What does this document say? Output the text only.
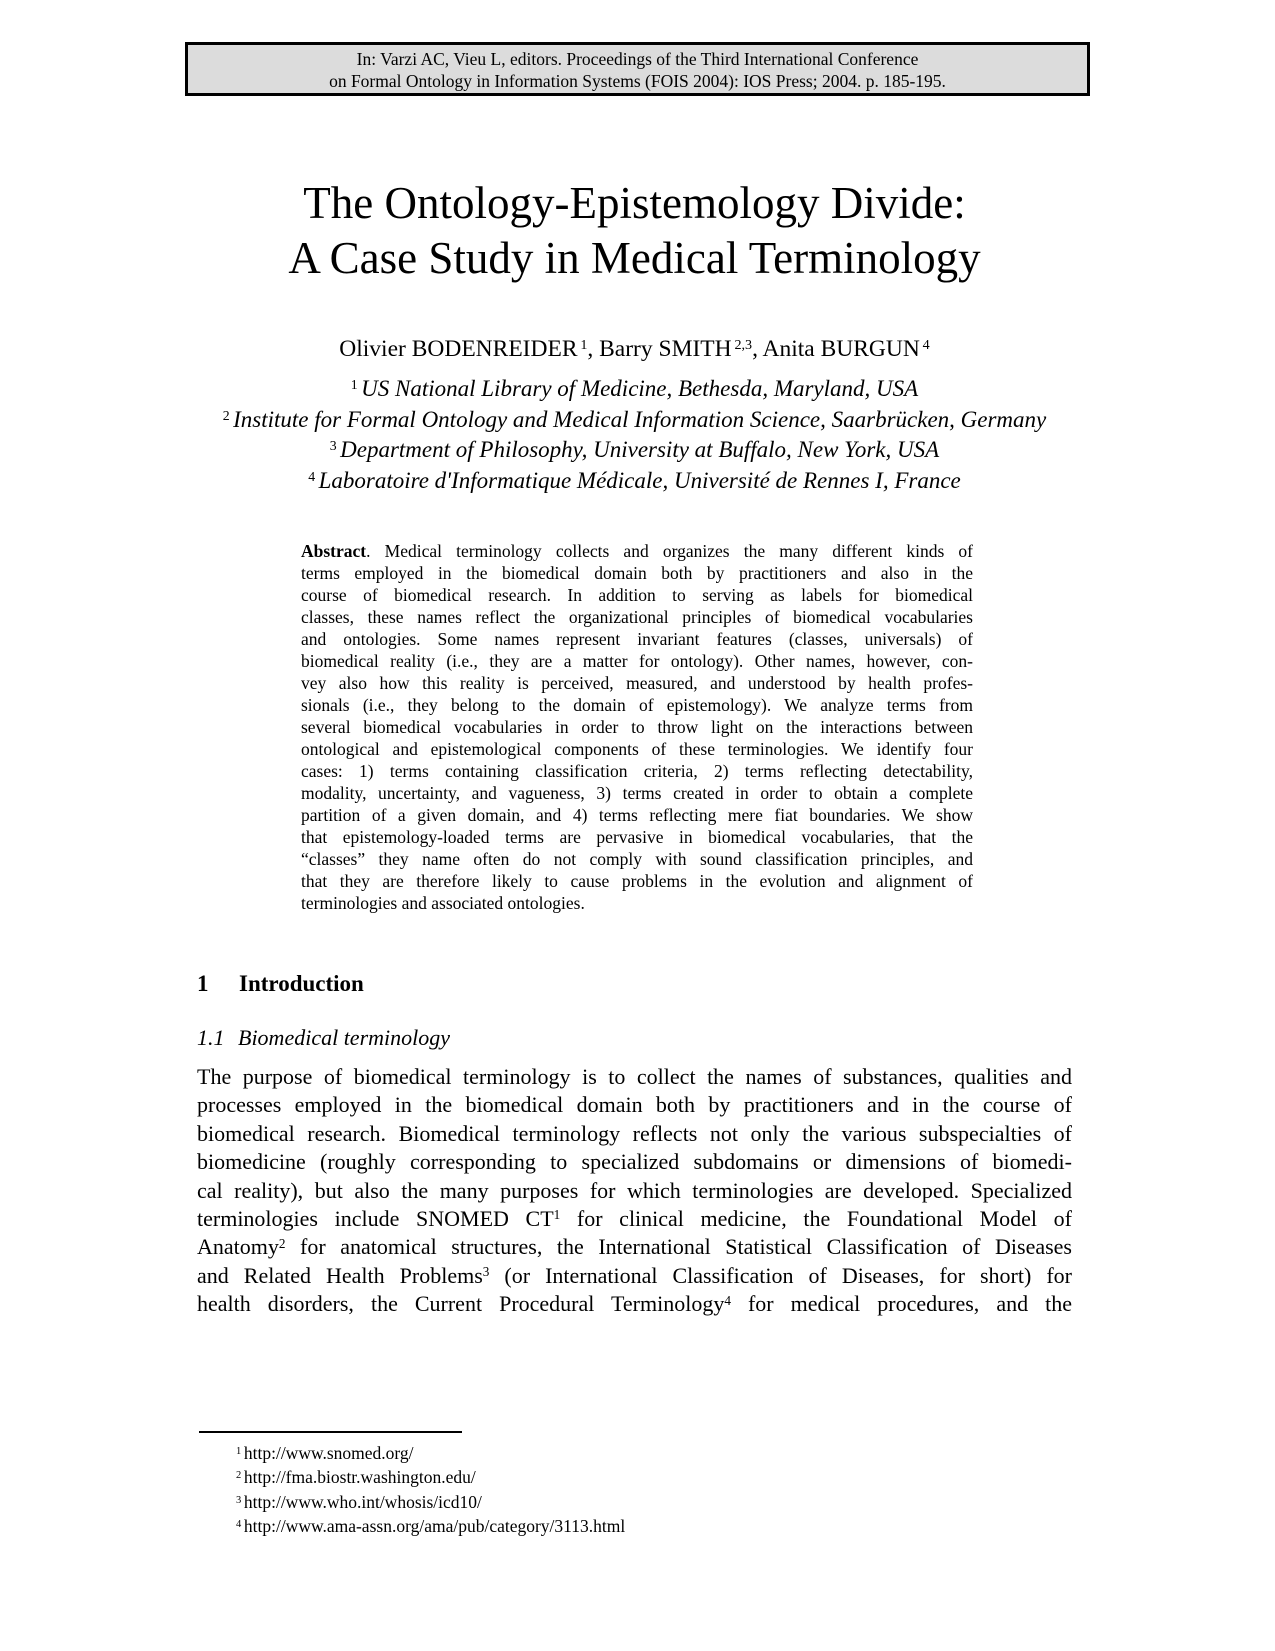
In: Varzi AC, Vieu L, editors. Proceedings of the Third International Conference
on Formal Ontology in Information Systems (FOIS 2004): IOS Press; 2004. p. 185-195.
The Ontology-Epistemology Divide:
A Case Study in Medical Terminology
Olivier BODENREIDER $^1$, Barry SMITH $^{2,3}$, Anita BURGUN $^4$
$^1$ US National Library of Medicine, Bethesda, Maryland, USA
$^2$ Institute for Formal Ontology and Medical Information Science, Saarbrücken, Germany
$^3$ Department of Philosophy, University at Buffalo, New York, USA
$^4$ Laboratoire d'Informatique Médicale, Université de Rennes I, France
Abstract. Medical terminology collects and organizes the many different kinds of
terms employed in the biomedical domain both by practitioners and also in the
course of biomedical research. In addition to serving as labels for biomedical
classes, these names reflect the organizational principles of biomedical vocabularies
and ontologies. Some names represent invariant features (classes, universals) of
biomedical reality (i.e., they are a matter for ontology). Other names, however, con-
vey also how this reality is perceived, measured, and understood by health profes-
sionals (i.e., they belong to the domain of epistemology). We analyze terms from
several biomedical vocabularies in order to throw light on the interactions between
ontological and epistemological components of these terminologies. We identify four
cases: 1) terms containing classification criteria, 2) terms reflecting detectability,
modality, uncertainty, and vagueness, 3) terms created in order to obtain a complete
partition of a given domain, and 4) terms reflecting mere fiat boundaries. We show
that epistemology-loaded terms are pervasive in biomedical vocabularies, that the
“classes” they name often do not comply with sound classification principles, and
that they are therefore likely to cause problems in the evolution and alignment of
terminologies and associated ontologies.
1 Introduction
1.1 Biomedical terminology
The purpose of biomedical terminology is to collect the names of substances, qualities and
processes employed in the biomedical domain both by practitioners and in the course of
biomedical research. Biomedical terminology reflects not only the various subspecialties of
biomedicine (roughly corresponding to specialized subdomains or dimensions of biomedi-
cal reality), but also the many purposes for which terminologies are developed. Specialized
terminologies include SNOMED $CT^1$ for clinical medicine, the Foundational Model of
Anatomy$^2$ for anatomical structures, the International Statistical Classification of Diseases
and Related Health Problems$^3$ (or International Classification of Diseases, for short) for
health disorders, the Current Procedural Terminology$^4$ for medical procedures, and the
$^1$ http://www.snomed.org/
$^2$ http://fma.biostr.washington.edu/
$^3$ http://www.who.int/whosis/icd10/
$^4$ http://www.ama-assn.org/ama/pub/category/3113.html
